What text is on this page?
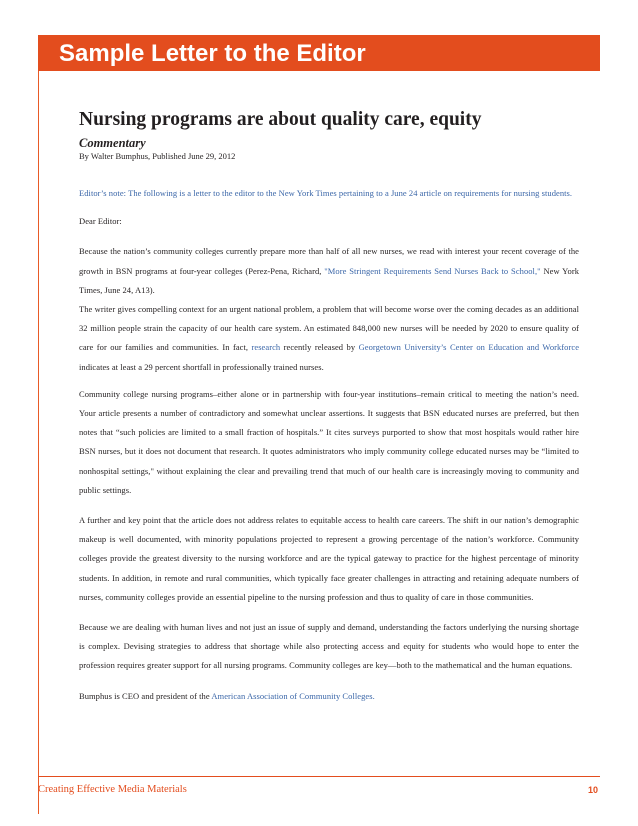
Sample Letter to the Editor
Nursing programs are about quality care, equity
Commentary
By Walter Bumphus, Published June 29, 2012

Editor’s note: The following is a letter to the editor to the New York Times pertaining to a June 24 article on requirements for nursing students.

Dear Editor:

Because the nation’s community colleges currently prepare more than half of all new nurses, we read with interest your recent coverage of the growth in BSN programs at four-year colleges (Perez-Pena, Richard, "More Stringent Requirements Send Nurses Back to School," New York Times, June 24, A13).

The writer gives compelling context for an urgent national problem, a problem that will become worse over the coming decades as an additional 32 million people strain the capacity of our health care system. An estimated 848,000 new nurses will be needed by 2020 to ensure quality of care for our families and communities. In fact, research recently released by Georgetown University’s Center on Education and Workforce indicates at least a 29 percent shortfall in professionally trained nurses.

Community college nursing programs–either alone or in partnership with four-year institutions–remain critical to meeting the nation’s need. Your article presents a number of contradictory and somewhat unclear assertions. It suggests that BSN educated nurses are preferred, but then notes that “such policies are limited to a small fraction of hospitals.” It cites surveys purported to show that most hospitals would rather hire BSN nurses, but it does not document that research. It quotes administrators who imply community college educated nurses may be “limited to nonhospital settings," without explaining the clear and prevailing trend that much of our health care is increasingly moving to community and public settings.

A further and key point that the article does not address relates to equitable access to health care careers. The shift in our nation’s demographic makeup is well documented, with minority populations projected to represent a growing percentage of the nation’s workforce. Community colleges provide the greatest diversity to the nursing workforce and are the typical gateway to practice for the highest percentage of minority students. In addition, in remote and rural communities, which typically face greater challenges in attracting and retaining adequate numbers of nurses, community colleges provide an essential pipeline to the nursing profession and thus to quality of care in those communities.

Because we are dealing with human lives and not just an issue of supply and demand, understanding the factors underlying the nursing shortage is complex. Devising strategies to address that shortage while also protecting access and equity for students who would hope to enter the profession requires greater support for all nursing programs. Community colleges are key—both to the mathematical and the human equations.

Bumphus is CEO and president of the American Association of Community Colleges.

Creating Effective Media Materials	10
